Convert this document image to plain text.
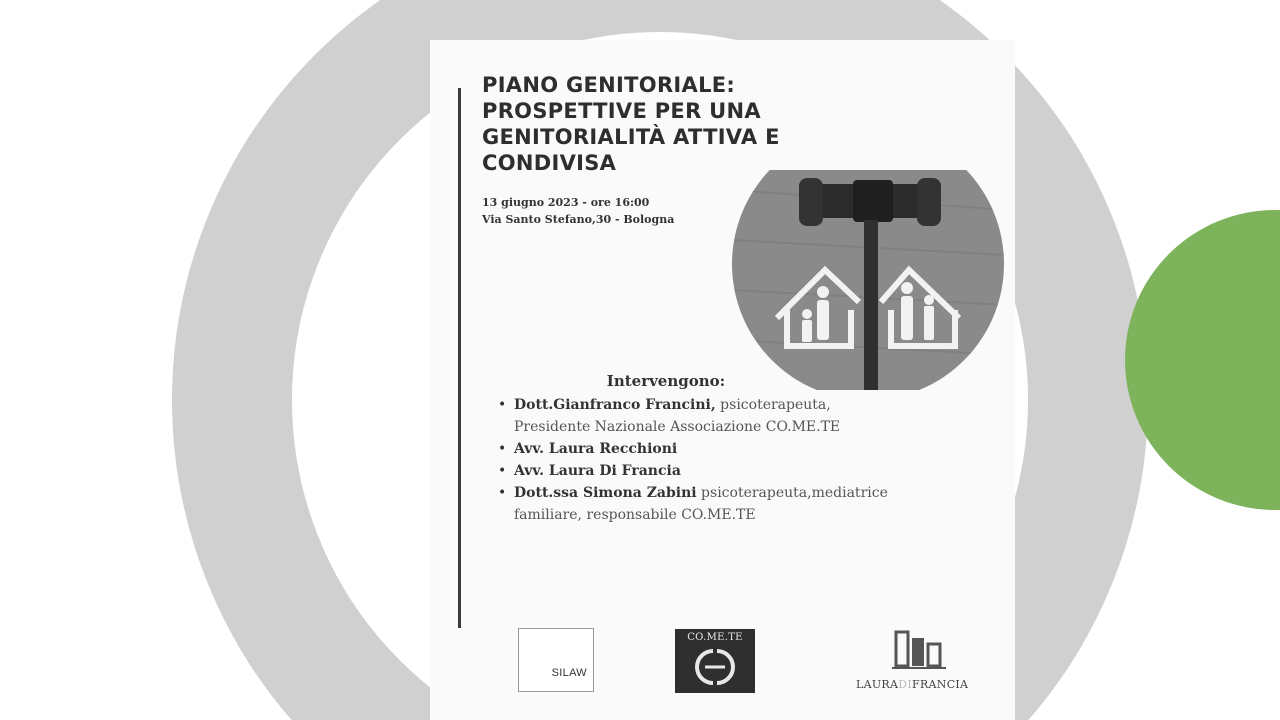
PIANO GENITORIALE:
PROSPETTIVE PER UNA
GENITORIALITÀ ATTIVA E
CONDIVISA
13 giugno 2023 - ore 16:00
Via Santo Stefano,30 - Bologna
Intervengono:
• Dott.Gianfranco Francini, psicoterapeuta,
Presidente Nazionale Associazione CO.ME.TE
• Avv. Laura Recchioni
• Avv. Laura Di Francia
• Dott.ssa Simona Zabini psicoterapeuta,mediatrice
familiare, responsabile CO.ME.TE
SILAW
CO.ME.TE
LAURADIFRANCIA
